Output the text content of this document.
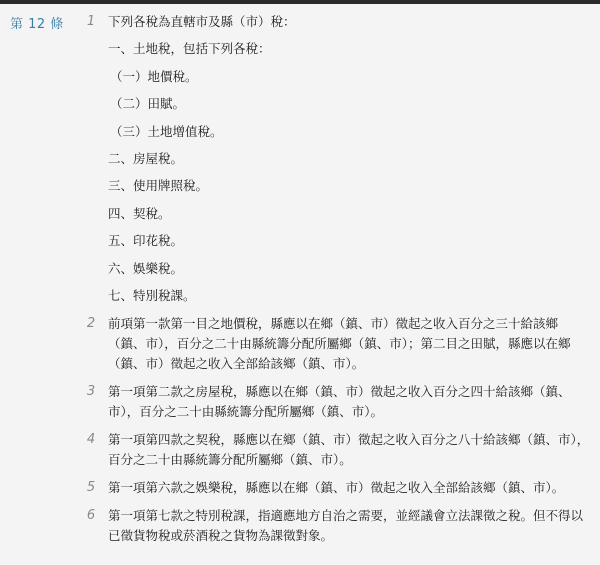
第 12 條 1 下列各稅為直轄市及縣（市）稅：

一、土地稅，包括下列各稅：
（一）地價稅。
（二）田賦。
（三）土地增值稅。
二、房屋稅。
三、使用牌照稅。
四、契稅。
五、印花稅。
六、娛樂稅。
七、特別稅課。
2 前項第一款第一目之地價稅，縣應以在鄉（鎮、市）徵起之收入百分之三十給該鄉（鎮、市），百分之二十由縣統籌分配所屬鄉（鎮、市）；第二目之田賦，縣應以在鄉（鎮、市）徵起之收入全部給該鄉（鎮、市）。

3 第一項第二款之房屋稅，縣應以在鄉（鎮、市）徵起之收入百分之四十給該鄉（鎮、市），百分之二十由縣統籌分配所屬鄉（鎮、市）。

4 第一項第四款之契稅，縣應以在鄉（鎮、市）徵起之收入百分之八十給該鄉（鎮、市），百分之二十由縣統籌分配所屬鄉（鎮、市）。

5 第一項第六款之娛樂稅，縣應以在鄉（鎮、市）徵起之收入全部給該鄉（鎮、市）。

6 第一項第七款之特別稅課，指適應地方自治之需要，並經議會立法課徵之稅。但不得以已徵貨物稅或菸酒稅之貨物為課徵對象。
